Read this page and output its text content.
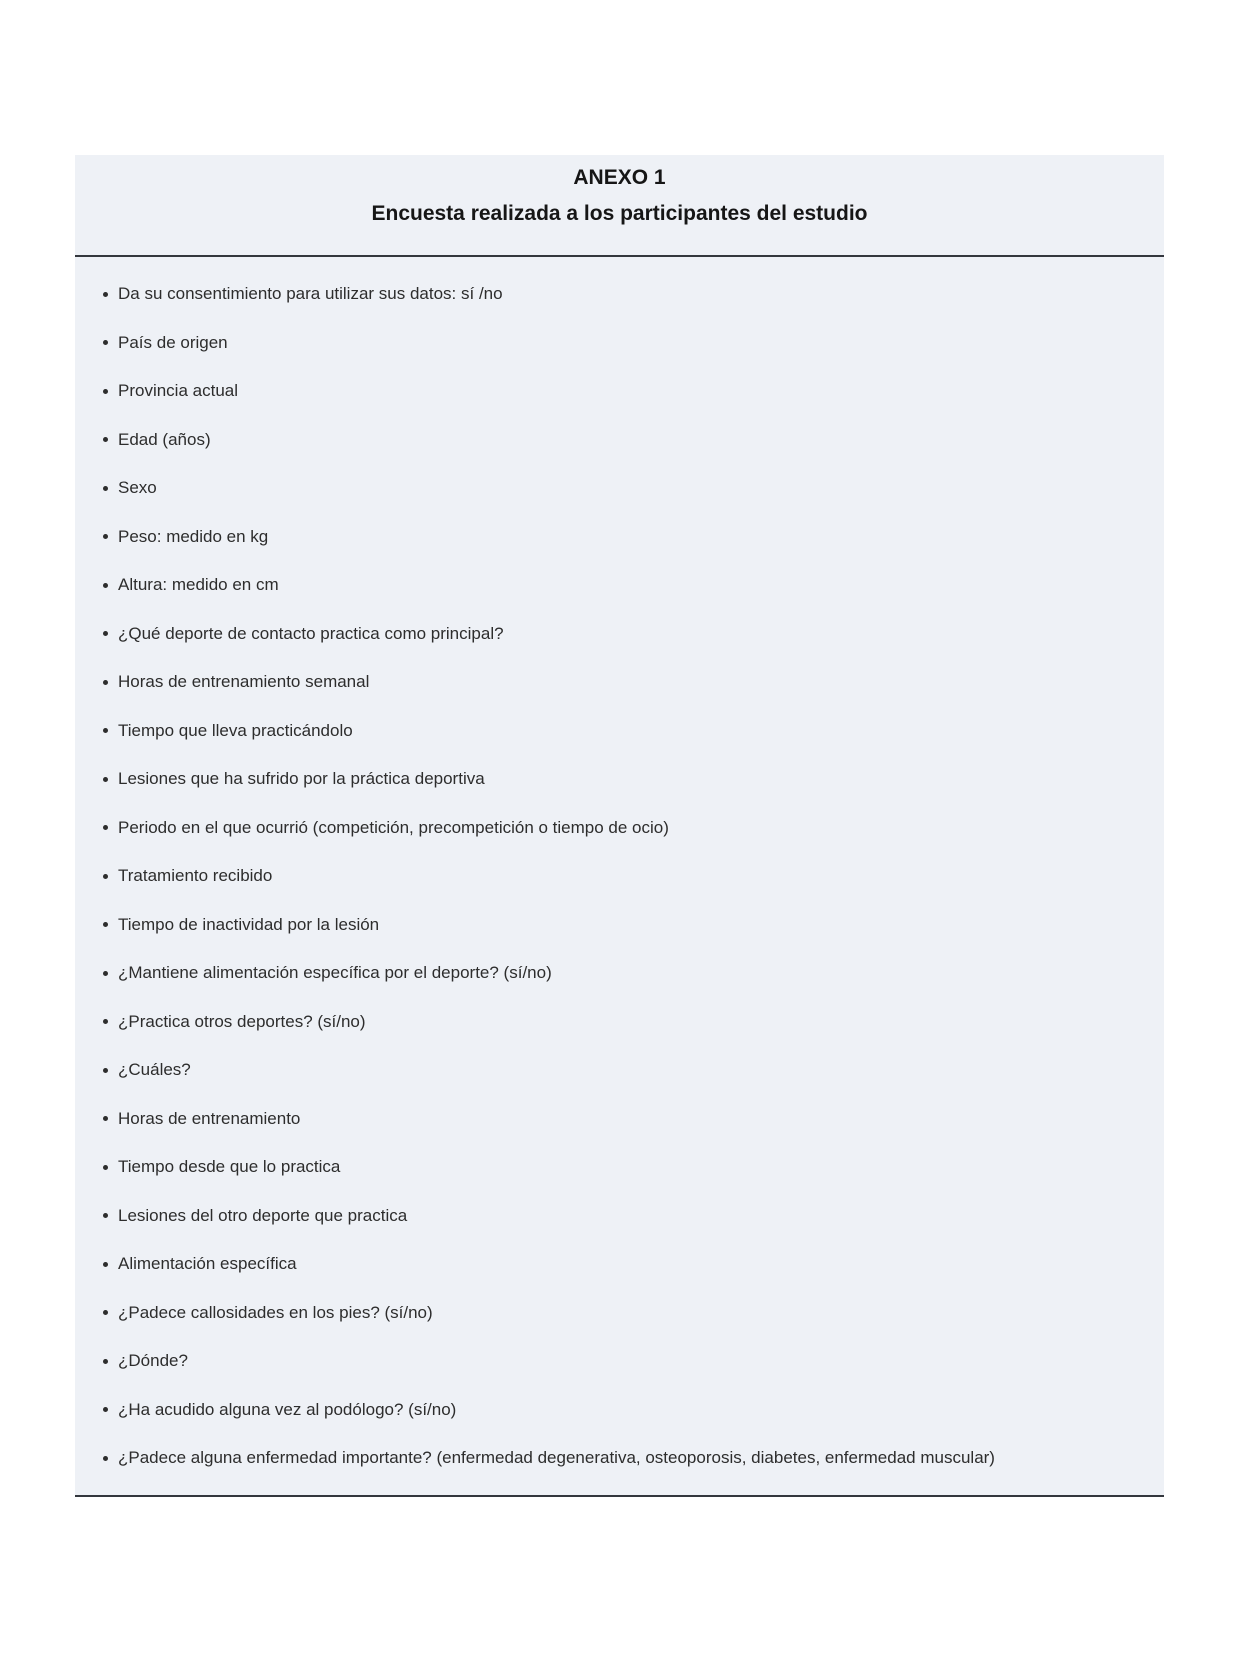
ANEXO 1
Encuesta realizada a los participantes del estudio
Da su consentimiento para utilizar sus datos: sí /no
País de origen
Provincia actual
Edad (años)
Sexo
Peso: medido en kg
Altura: medido en cm
¿Qué deporte de contacto practica como principal?
Horas de entrenamiento semanal
Tiempo que lleva practicándolo
Lesiones que ha sufrido por la práctica deportiva
Periodo en el que ocurrió (competición, precompetición o tiempo de ocio)
Tratamiento recibido
Tiempo de inactividad por la lesión
¿Mantiene alimentación específica por el deporte? (sí/no)
¿Practica otros deportes? (sí/no)
¿Cuáles?
Horas de entrenamiento
Tiempo desde que lo practica
Lesiones del otro deporte que practica
Alimentación específica
¿Padece callosidades en los pies? (sí/no)
¿Dónde?
¿Ha acudido alguna vez al podólogo? (sí/no)
¿Padece alguna enfermedad importante? (enfermedad degenerativa, osteoporosis, diabetes, enfermedad muscular)
